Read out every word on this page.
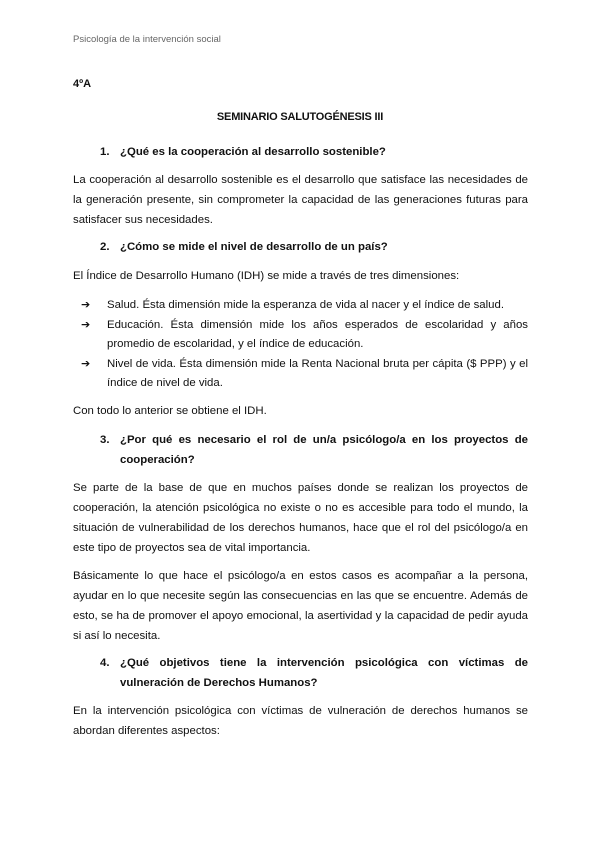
Psicología de la intervención social
4ºA
SEMINARIO SALUTOGÉNESIS III
1. ¿Qué es la cooperación al desarrollo sostenible?
La cooperación al desarrollo sostenible es el desarrollo que satisface las necesidades de la generación presente, sin comprometer la capacidad de las generaciones futuras para satisfacer sus necesidades.
2. ¿Cómo se mide el nivel de desarrollo de un país?
El Índice de Desarrollo Humano (IDH) se mide a través de tres dimensiones:
➔ Salud. Ésta dimensión mide la esperanza de vida al nacer y el índice de salud.
➔ Educación. Ésta dimensión mide los años esperados de escolaridad y años promedio de escolaridad, y el índice de educación.
➔ Nivel de vida. Ésta dimensión mide la Renta Nacional bruta per cápita ($ PPP) y el índice de nivel de vida.
Con todo lo anterior se obtiene el IDH.
3. ¿Por qué es necesario el rol de un/a psicólogo/a en los proyectos de cooperación?
Se parte de la base de que en muchos países donde se realizan los proyectos de cooperación, la atención psicológica no existe o no es accesible para todo el mundo, la situación de vulnerabilidad de los derechos humanos, hace que el rol del psicólogo/a en este tipo de proyectos sea de vital importancia.
Básicamente lo que hace el psicólogo/a en estos casos es acompañar a la persona, ayudar en lo que necesite según las consecuencias en las que se encuentre. Además de esto, se ha de promover el apoyo emocional, la asertividad y la capacidad de pedir ayuda si así lo necesita.
4. ¿Qué objetivos tiene la intervención psicológica con víctimas de vulneración de Derechos Humanos?
En la intervención psicológica con víctimas de vulneración de derechos humanos se abordan diferentes aspectos:
